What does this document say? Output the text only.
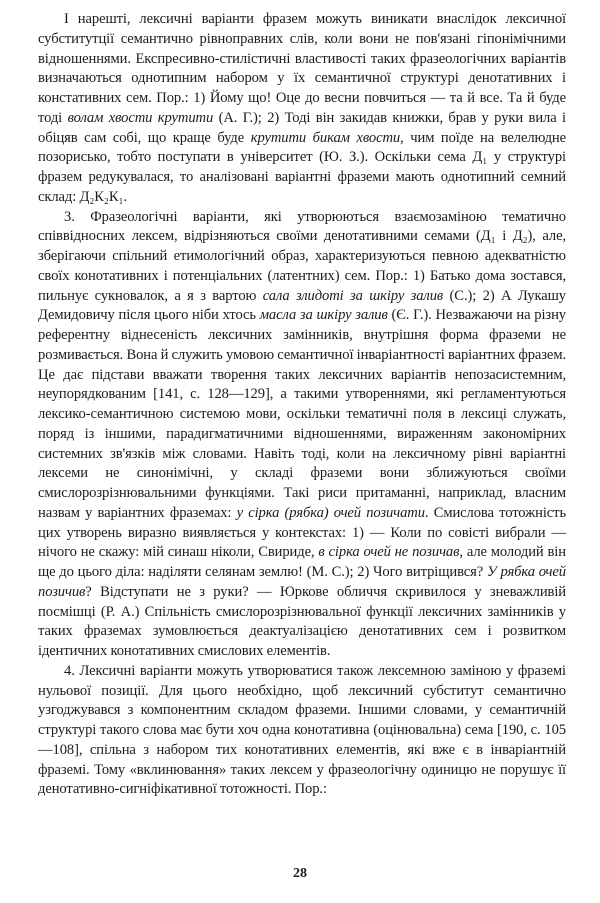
І нарешті, лексичні варіанти фразем можуть виникати внаслідок лексичної субститутції семантично рівноправних слів, коли вони не пов'язані гіпонімічними відношеннями. Експресивно-стилістичні властивості таких фразеологічних варіантів визначаються однотипним набором у їх семантичної структурі денотативних і констативних сем. Пор.: 1) Йому що! Оце до весни повчиться — та й все. Та й буде тоді волам хвости крутити (А. Г.); 2) Тоді він закидав книжки, брав у руки вила і обіцяв сам собі, що краще буде крутити бикам хвости, чим поїде на велелюдне позорисько, тобто поступати в університет (Ю. З.). Оскільки сема Д₁ у структурі фразем редукувалася, то аналізовані варіантні фраземи мають однотипний семний склад: Д₂К₂К₁.

3. Фразеологічні варіанти, які утворюються взаємозаміною тематично співвідносних лексем, відрізняються своїми денотативними семами (Д₁ і Д₂), але, зберігаючи спільний етимологічний образ, характеризуються певною адекватністю своїх конотативних і потенціальних (латентних) сем. Пор.: 1) Батько дома зостався, пильнує сукновалок, а я з вартою сала злидоті за шкіру залив (С.); 2) А Лукашу Демидовичу після цього ніби хтось масла за шкіру залив (Є. Г.). Незважаючи на різну референтну віднесеність лексичних замінників, внутрішня форма фраземи не розмивається. Вона й служить умовою семантичної інваріантності варіантних фразем. Це дає підстави вважати творення таких лексичних варіантів непозасистемним, неупорядкованим [141, с. 128—129], а такими утвореннями, які регламентуються лексико-семантичною системою мови, оскільки тематичні поля в лексиці служать, поряд із іншими, парадигматичними відношеннями, вираженням закономірних системних зв'язків між словами. Навіть тоді, коли на лексичному рівні варіантні лексеми не синонімічні, у складі фраземи вони зближуються своїми смислорозрізнювальними функціями. Такі риси притаманні, наприклад, власним назвам у варіантних фраземах: у сірка (рябка) очей позичати. Смислова тотожність цих утворень виразно виявляється у контекстах: 1) — Коли по совісті вибрали — нічого не скажу: мій синаш ніколи, Свириде, в сірка очей не позичав, але молодий він ще до цього діла: наділяти селянам землю! (М. С.); 2) Чого витріщився? У рябка очей позичив? Відступати не з руки? — Юркове обличчя скривилося у зневажливій посмішці (Р. А.) Спільність смислорозрізнювальної функції лексичних замінників у таких фраземах зумовлюється деактуалізацією денотативних сем і розвитком ідентичних конотативних смислових елементів.

4. Лексичні варіанти можуть утворюватися також лексемною заміною у фраземі нульової позиції. Для цього необхідно, щоб лексичний субститут семантично узгоджувався з компонентним складом фраземи. Іншими словами, у семантичній структурі такого слова має бути хоч одна конотативна (оцінювальна) сема [190, с. 105—108], спільна з набором тих конотативних елементів, які вже є в інваріантній фраземі. Тому «вклинювання» таких лексем у фразеологічну одиницю не порушує її денотативно-сигніфікативної тотожності. Пор.:

28
